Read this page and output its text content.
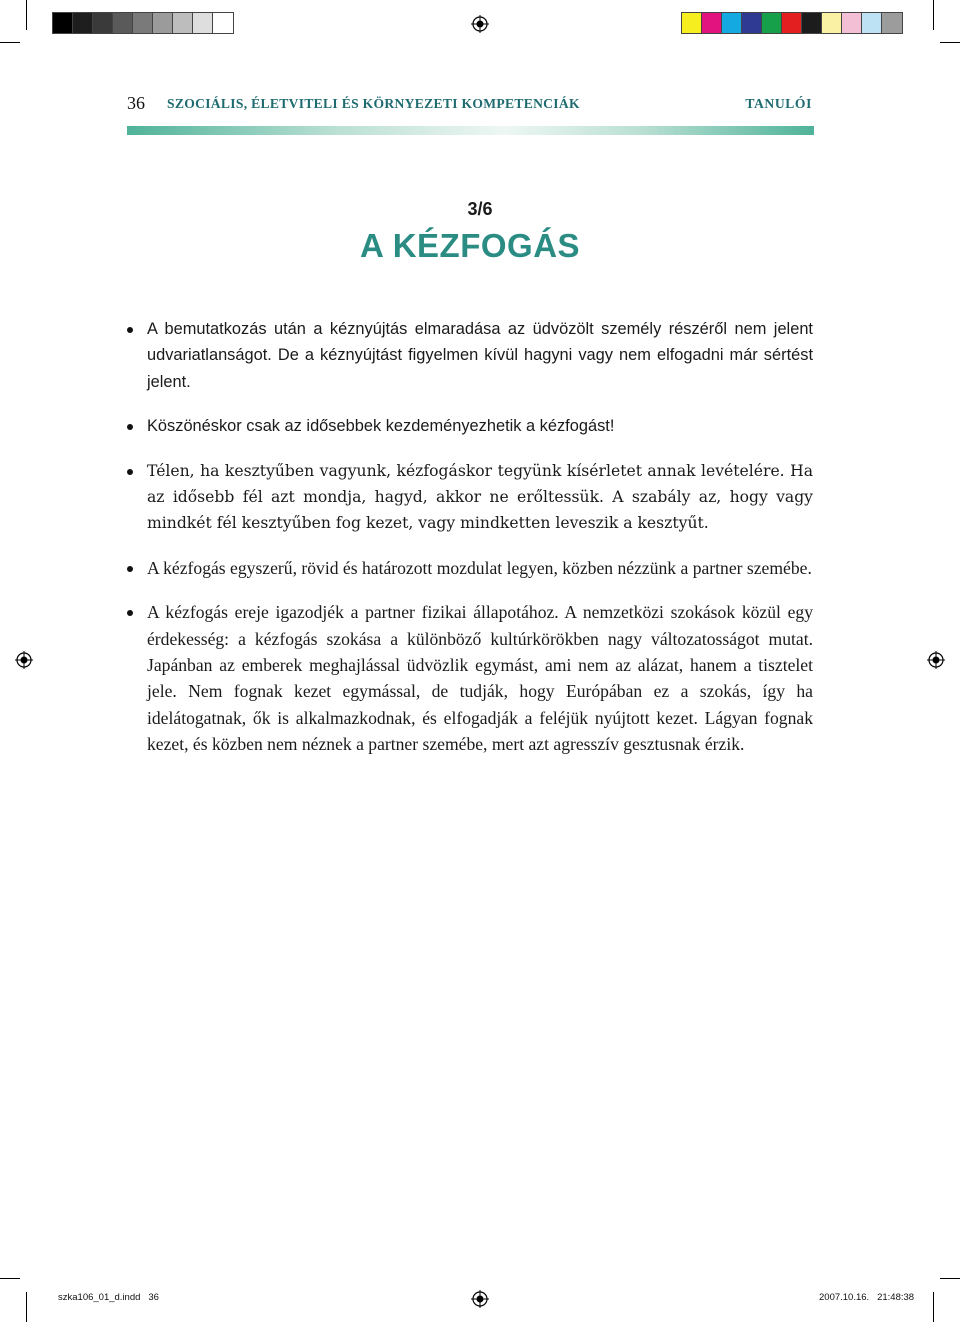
36 SZOCIÁLIS, ÉLETVITELI ÉS KÖRNYEZETI KOMPETENCIÁK	TANULÓI
3/6
A KÉZFOGÁS
A bemutatkozás után a kéznyújtás elmaradása az üdvözölt személy részéről nem jelent udvariatlanságot. De a kéznyújtást figyelmen kívül hagyni vagy nem elfogadni már sértést jelent.
Köszönéskor csak az idősebbek kezdeményezhetik a kézfogást!
Télen, ha kesztyűben vagyunk, kézfogáskor tegyünk kísérletet annak levételére. Ha az idősebb fél azt mondja, hagyd, akkor ne erőltessük. A szabály az, hogy vagy mindkét fél kesztyűben fog kezet, vagy mindketten leveszik a kesztyűt.
A kézfogás egyszerű, rövid és határozott mozdulat legyen, közben nézzünk a partner szemébe.
A kézfogás ereje igazodjék a partner fizikai állapotához. A nemzetközi szokások közül egy érdekesség: a kézfogás szokása a különböző kultúrkörökben nagy változatosságot mutat. Japánban az emberek meghajlással üdvözlik egymást, ami nem az alázat, hanem a tisztelet jele. Nem fognak kezet egymással, de tudják, hogy Európában ez a szokás, így ha idelátogatnak, ők is alkalmazkodnak, és elfogadják a feléjük nyújtott kezet. Lágyan fognak kezet, és közben nem néznek a partner szemébe, mert azt agresszív gesztusnak érzik.
szka106_01_d.indd   36	2007.10.16.   21:48:38
